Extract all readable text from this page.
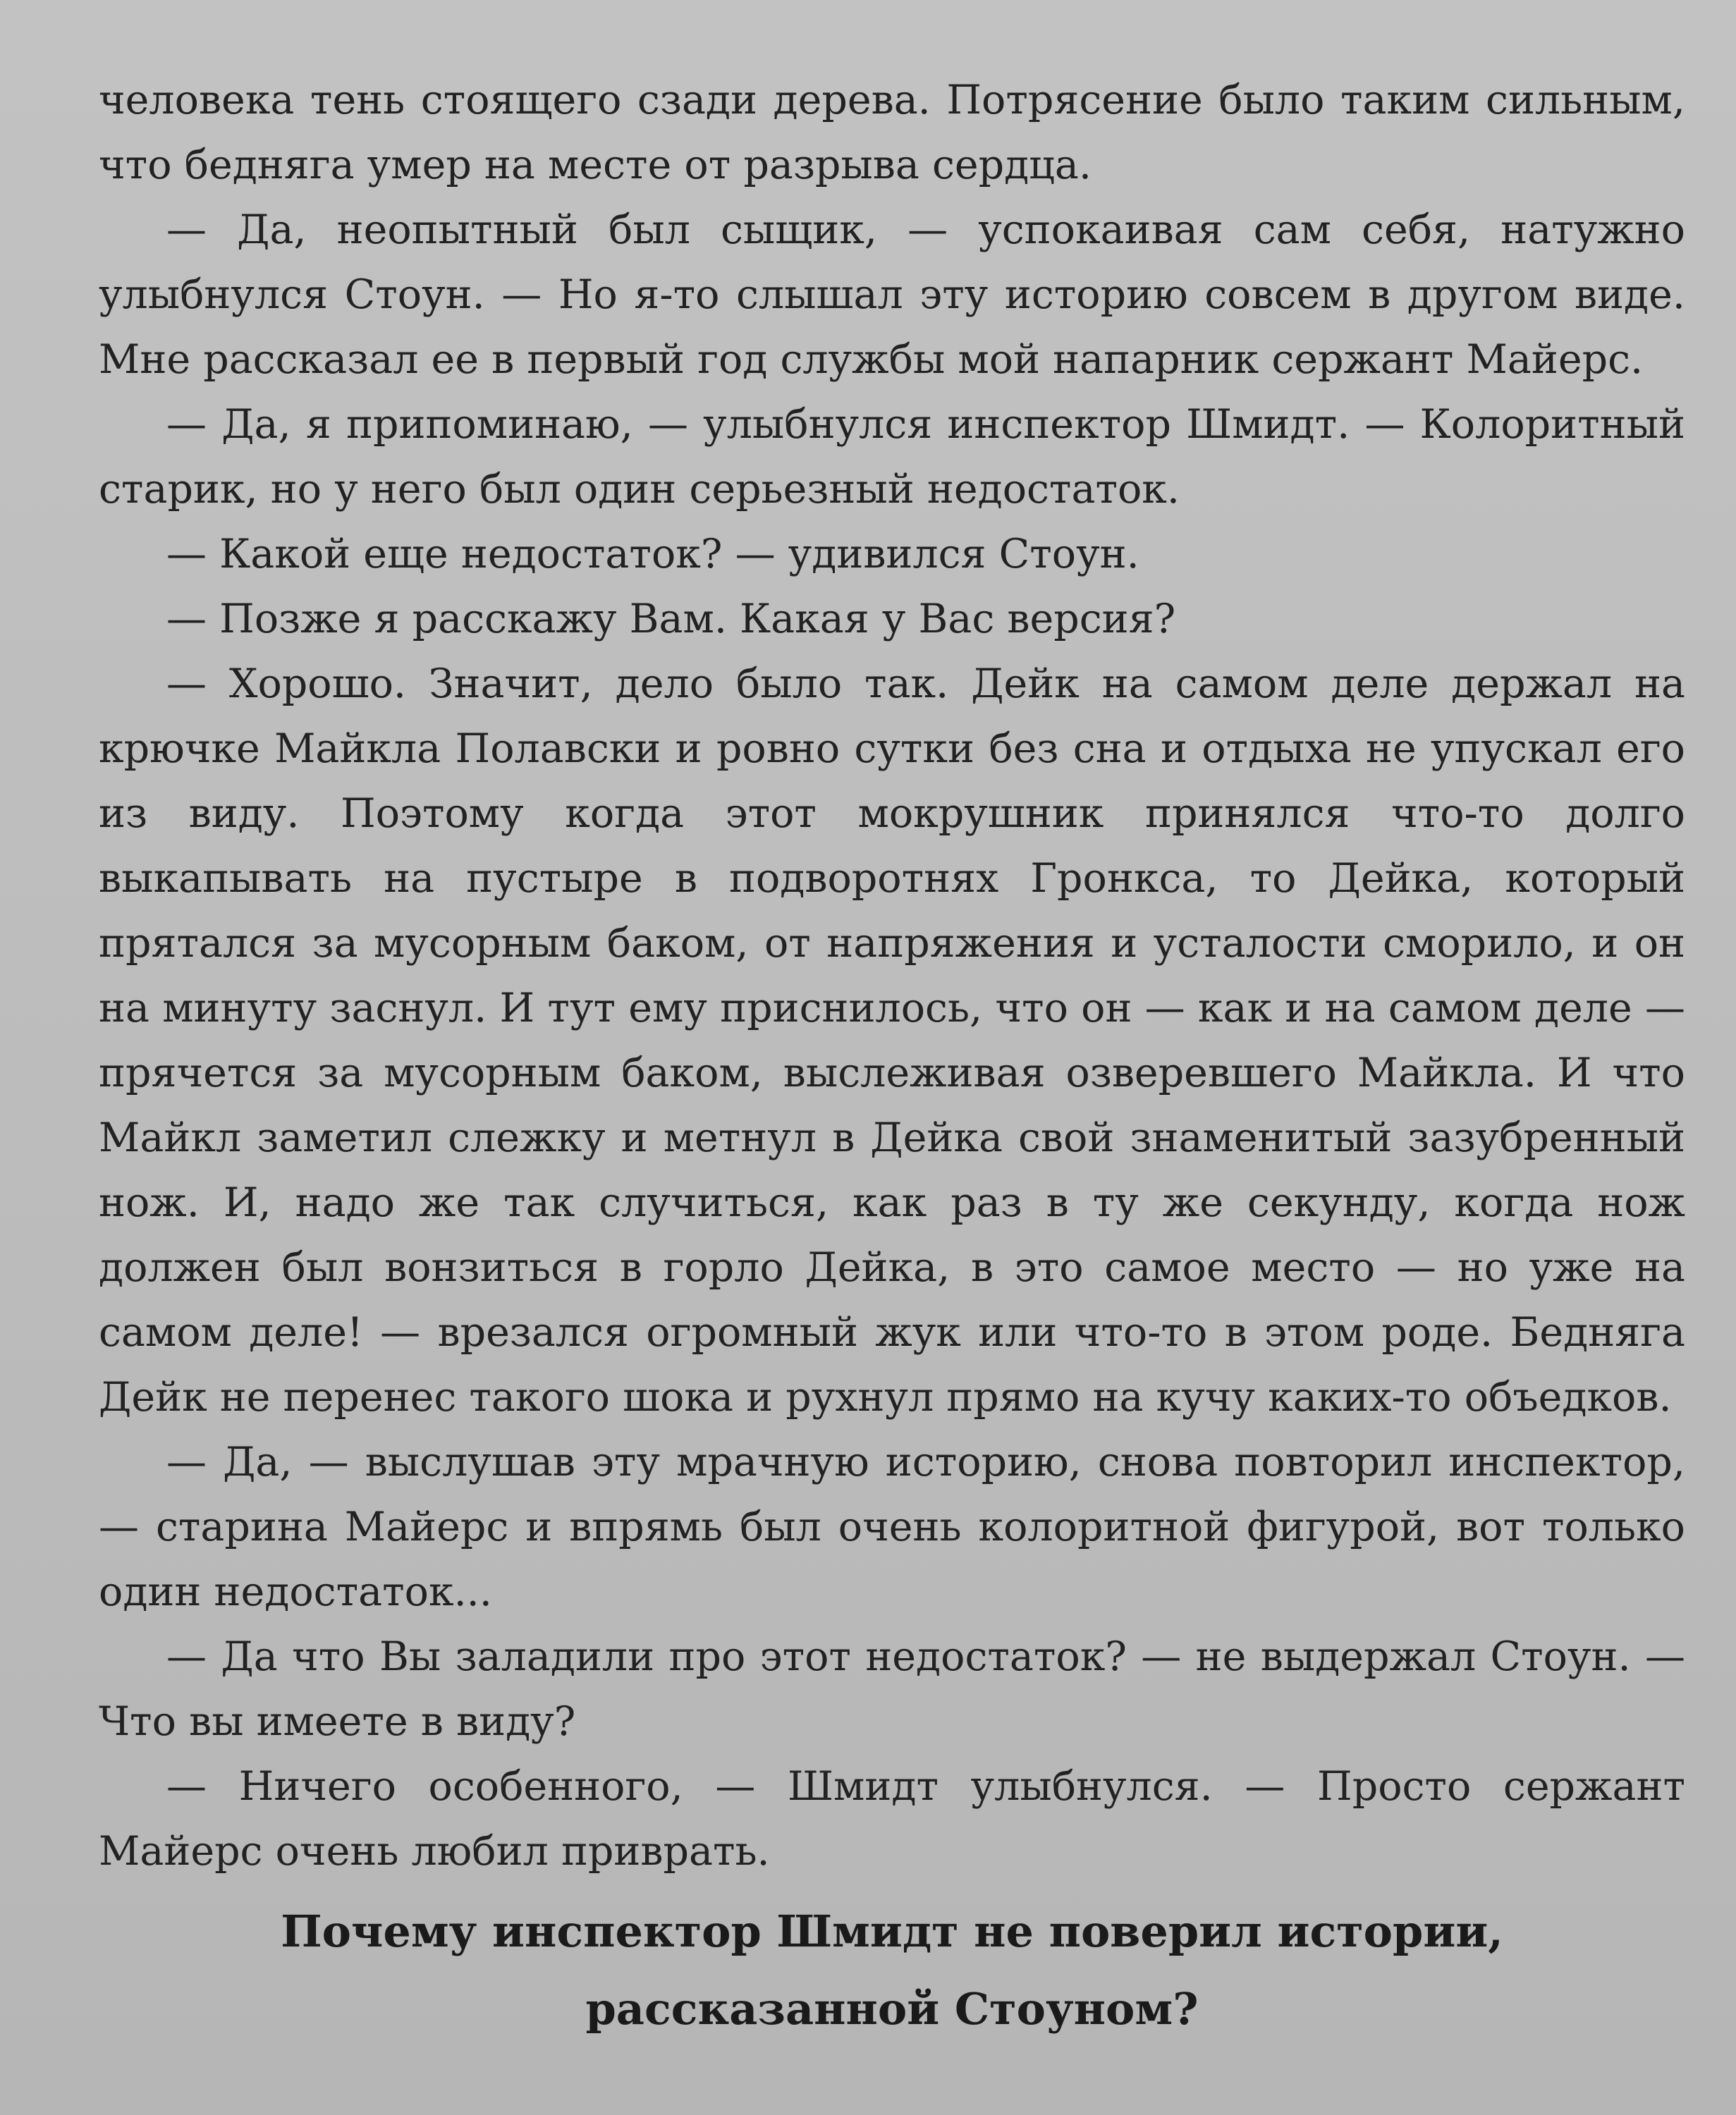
человека тень стоящего сзади дерева. Потрясение было таким сильным, что бедняга умер на месте от разрыва сердца.

— Да, неопытный был сыщик, — успокаивая сам себя, натужно улыбнулся Стоун. — Но я-то слышал эту историю совсем в другом виде. Мне рассказал ее в первый год службы мой напарник сержант Майерс.

— Да, я припоминаю, — улыбнулся инспектор Шмидт. — Колоритный старик, но у него был один серьезный недостаток.

— Какой еще недостаток? — удивился Стоун.

— Позже я расскажу Вам. Какая у Вас версия?

— Хорошо. Значит, дело было так. Дейк на самом деле держал на крючке Майкла Полавски и ровно сутки без сна и отдыха не упускал его из виду. Поэтому когда этот мокрушник принялся что-то долго выкапывать на пустыре в подворотнях Гронкса, то Дейка, который прятался за мусорным баком, от напряжения и усталости сморило, и он на минуту заснул. И тут ему приснилось, что он — как и на самом деле — прячется за мусорным баком, выслеживая озверевшего Майкла. И что Майкл заметил слежку и метнул в Дейка свой знаменитый зазубренный нож. И, надо же так случиться, как раз в ту же секунду, когда нож должен был вонзиться в горло Дейка, в это самое место — но уже на самом деле! — врезался огромный жук или что-то в этом роде. Бедняга Дейк не перенес такого шока и рухнул прямо на кучу каких-то объедков.

— Да, — выслушав эту мрачную историю, снова повторил инспектор, — старина Майерс и впрямь был очень колоритной фигурой, вот только один недостаток...

— Да что Вы заладили про этот недостаток? — не выдержал Стоун. — Что вы имеете в виду?

— Ничего особенного, — Шмидт улыбнулся. — Просто сержант Майерс очень любил приврать.

Почему инспектор Шмидт не поверил истории,
рассказанной Стоуном?
